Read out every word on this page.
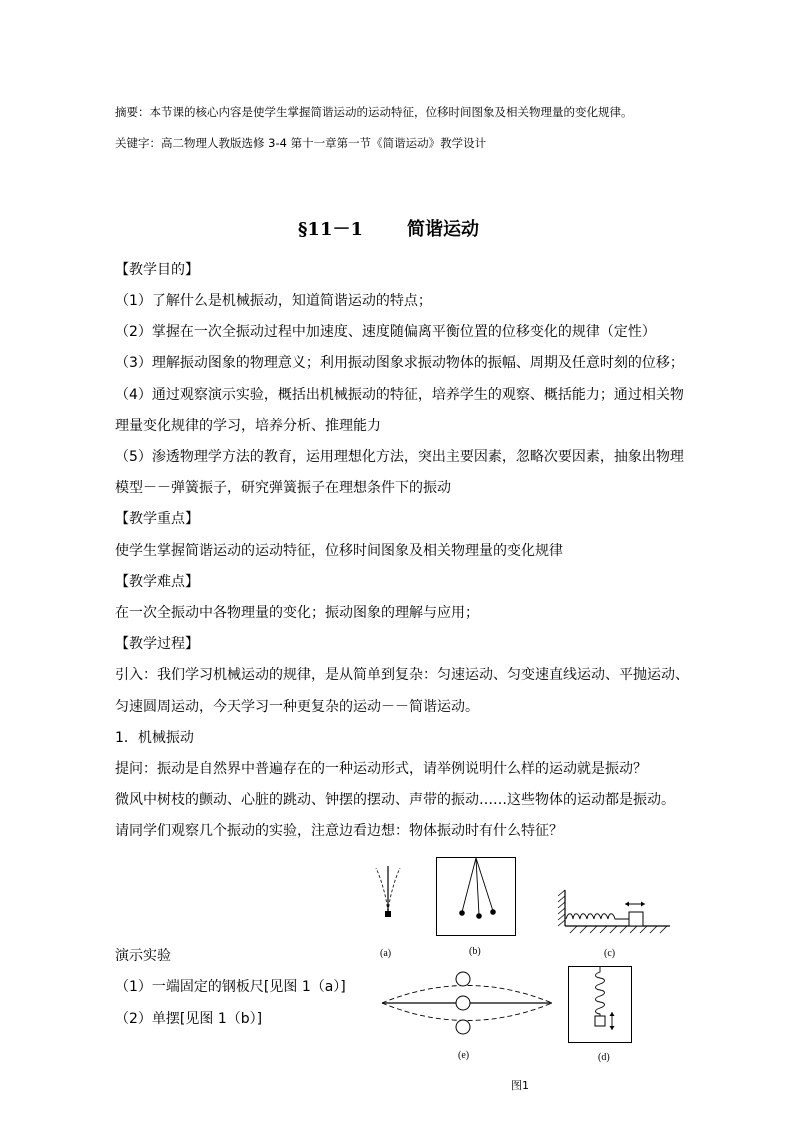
摘要：本节课的核心内容是使学生掌握简谐运动的运动特征，位移时间图象及相关物理量的变化规律。
关键字：高二物理人教版选修 3-4 第十一章第一节《简谐运动》教学设计
§11－1 简谐运动
【教学目的】
（1）了解什么是机械振动，知道简谐运动的特点；
（2）掌握在一次全振动过程中加速度、速度随偏离平衡位置的位移变化的规律（定性）
（3）理解振动图象的物理意义；利用振动图象求振动物体的振幅、周期及任意时刻的位移；
（4）通过观察演示实验，概括出机械振动的特征，培养学生的观察、概括能力；通过相关物
理量变化规律的学习，培养分析、推理能力
（5）渗透物理学方法的教育，运用理想化方法，突出主要因素，忽略次要因素，抽象出物理
模型－－弹簧振子，研究弹簧振子在理想条件下的振动
【教学重点】
使学生掌握简谐运动的运动特征，位移时间图象及相关物理量的变化规律
【教学难点】
在一次全振动中各物理量的变化；振动图象的理解与应用；
【教学过程】
引入：我们学习机械运动的规律，是从简单到复杂：匀速运动、匀变速直线运动、平抛运动、
匀速圆周运动，今天学习一种更复杂的运动－－简谐运动。
1．机械振动
提问：振动是自然界中普遍存在的一种运动形式，请举例说明什么样的运动就是振动？
微风中树枝的颤动、心脏的跳动、钟摆的摆动、声带的振动……这些物体的运动都是振动。
请同学们观察几个振动的实验，注意边看边想：物体振动时有什么特征？
演示实验
（1）一端固定的钢板尺[见图 1（a）]
（2）单摆[见图 1（b）]
(a)	(b)	(c)
(e)	(d)
图1
